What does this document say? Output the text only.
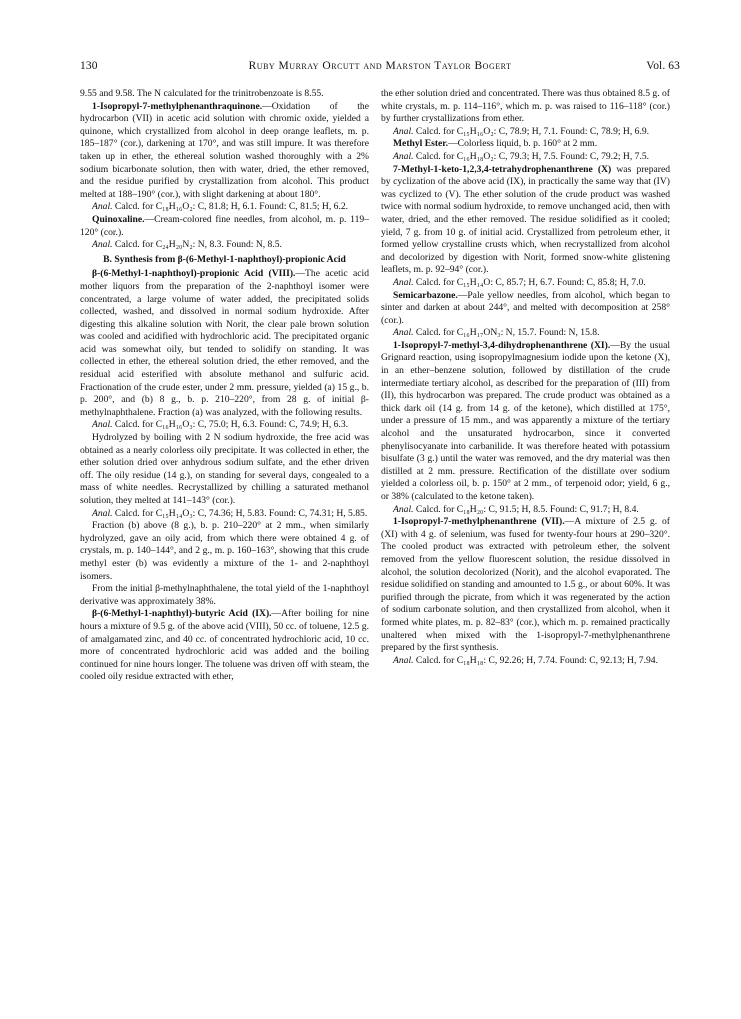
130	Ruby Murray Orcutt and Marston Taylor Bogert	Vol. 63

9.55 and 9.58. The N calculated for the trinitrobenzoate is 8.55.

1-Isopropyl-7-methylphenanthraquinone.—Oxidation of the hydrocarbon (VII) in acetic acid solution with chromic oxide, yielded a quinone, which crystallized from alcohol in deep orange leaflets, m. p. 185–187° (cor.), darkening at 170°, and was still impure. It was therefore taken up in ether, the ethereal solution washed thoroughly with a 2% sodium bicarbonate solution, then with water, dried, the ether removed, and the residue purified by crystallization from alcohol. This product melted at 188–190° (cor.), with slight darkening at about 180°.

Anal. Calcd. for C₁₈H₁₆O₂: C, 81.8; H, 6.1. Found: C, 81.5; H, 6.2.

Quinoxaline.—Cream-colored fine needles, from alcohol, m. p. 119–120° (cor.).

Anal. Calcd. for C₂₄H₂₀N₂: N, 8.3. Found: N, 8.5.

B. Synthesis from β-(6-Methyl-1-naphthoyl)-propionic Acid

β-(6-Methyl-1-naphthoyl)-propionic Acid (VIII).—The acetic acid mother liquors from the preparation of the 2-naphthoyl isomer were concentrated, a large volume of water added, the precipitated solids collected, washed, and dissolved in normal sodium hydroxide. After digesting this alkaline solution with Norit, the clear pale brown solution was cooled and acidified with hydrochloric acid. The precipitated organic acid was somewhat oily, but tended to solidify on standing. It was collected in ether, the ethereal solution dried, the ether removed, and the residual acid esterified with absolute methanol and sulfuric acid. Fractionation of the crude ester, under 2 mm. pressure, yielded (a) 15 g., b. p. 200°, and (b) 8 g., b. p. 210–220°, from 28 g. of initial β-methylnaphthalene. Fraction (a) was analyzed, with the following results.

Anal. Calcd. for C₁₆H₁₆O₃: C, 75.0; H, 6.3. Found: C, 74.9; H, 6.3.

Hydrolyzed by boiling with 2 N sodium hydroxide, the free acid was obtained as a nearly colorless oily precipitate. It was collected in ether, the ether solution dried over anhydrous sodium sulfate, and the ether driven off. The oily residue (14 g.), on standing for several days, congealed to a mass of white needles. Recrystallized by chilling a saturated methanol solution, they melted at 141–143° (cor.).

Anal. Calcd. for C₁₅H₁₄O₃: C, 74.36; H, 5.83. Found: C, 74.31; H, 5.85.

Fraction (b) above (8 g.), b. p. 210–220° at 2 mm., when similarly hydrolyzed, gave an oily acid, from which there were obtained 4 g. of crystals, m. p. 140–144°, and 2 g., m. p. 160–163°, showing that this crude methyl ester (b) was evidently a mixture of the 1- and 2-naphthoyl isomers.

From the initial β-methylnaphthalene, the total yield of the 1-naphthoyl derivative was approximately 38%.

β-(6-Methyl-1-naphthyl)-butyric Acid (IX).—After boiling for nine hours a mixture of 9.5 g. of the above acid (VIII), 50 cc. of toluene, 12.5 g. of amalgamated zinc, and 40 cc. of concentrated hydrochloric acid, 10 cc. more of concentrated hydrochloric acid was added and the boiling continued for nine hours longer. The toluene was driven off with steam, the cooled oily residue extracted with ether,

the ether solution dried and concentrated. There was thus obtained 8.5 g. of white crystals, m. p. 114–116°, which m. p. was raised to 116–118° (cor.) by further crystallizations from ether.

Anal. Calcd. for C₁₅H₁₆O₂: C, 78.9; H, 7.1. Found: C, 78.9; H, 6.9.

Methyl Ester.—Colorless liquid, b. p. 160° at 2 mm.

Anal. Calcd. for C₁₆H₁₈O₂: C, 79.3; H, 7.5. Found: C, 79.2; H, 7.5.

7-Methyl-1-keto-1,2,3,4-tetrahydrophenanthrene (X) was prepared by cyclization of the above acid (IX), in practically the same way that (IV) was cyclized to (V). The ether solution of the crude product was washed twice with normal sodium hydroxide, to remove unchanged acid, then with water, dried, and the ether removed. The residue solidified as it cooled; yield, 7 g. from 10 g. of initial acid. Crystallized from petroleum ether, it formed yellow crystalline crusts which, when recrystallized from alcohol and decolorized by digestion with Norit, formed snow-white glistening leaflets, m. p. 92–94° (cor.).

Anal. Calcd. for C₁₅H₁₄O: C, 85.7; H, 6.7. Found: C, 85.8; H, 7.0.

Semicarbazone.—Pale yellow needles, from alcohol, which began to sinter and darken at about 244°, and melted with decomposition at 258° (cor.).

Anal. Calcd. for C₁₆H₁₇ON₃: N, 15.7. Found: N, 15.8.

1-Isopropyl-7-methyl-3,4-dihydrophenanthrene (XI).—By the usual Grignard reaction, using isopropylmagnesium iodide upon the ketone (X), in an ether–benzene solution, followed by distillation of the crude intermediate tertiary alcohol, as described for the preparation of (III) from (II), this hydrocarbon was prepared. The crude product was obtained as a thick dark oil (14 g. from 14 g. of the ketone), which distilled at 175°, under a pressure of 15 mm., and was apparently a mixture of the tertiary alcohol and the unsaturated hydrocarbon, since it converted phenylisocyanate into carbanilide. It was therefore heated with potassium bisulfate (3 g.) until the water was removed, and the dry material was then distilled at 2 mm. pressure. Rectification of the distillate over sodium yielded a colorless oil, b. p. 150° at 2 mm., of terpenoid odor; yield, 6 g., or 38% (calculated to the ketone taken).

Anal. Calcd. for C₁₈H₂₀: C, 91.5; H, 8.5. Found: C, 91.7; H, 8.4.

1-Isopropyl-7-methylphenanthrene (VII).—A mixture of 2.5 g. of (XI) with 4 g. of selenium, was fused for twenty-four hours at 290–320°. The cooled product was extracted with petroleum ether, the solvent removed from the yellow fluorescent solution, the residue dissolved in alcohol, the solution decolorized (Norit), and the alcohol evaporated. The residue solidified on standing and amounted to 1.5 g., or about 60%. It was purified through the picrate, from which it was regenerated by the action of sodium carbonate solution, and then crystallized from alcohol, when it formed white plates, m. p. 82–83° (cor.), which m. p. remained practically unaltered when mixed with the 1-isopropyl-7-methylphenanthrene prepared by the first synthesis.

Anal. Calcd. for C₁₈H₁₈: C, 92.26; H, 7.74. Found: C, 92.13; H, 7.94.
